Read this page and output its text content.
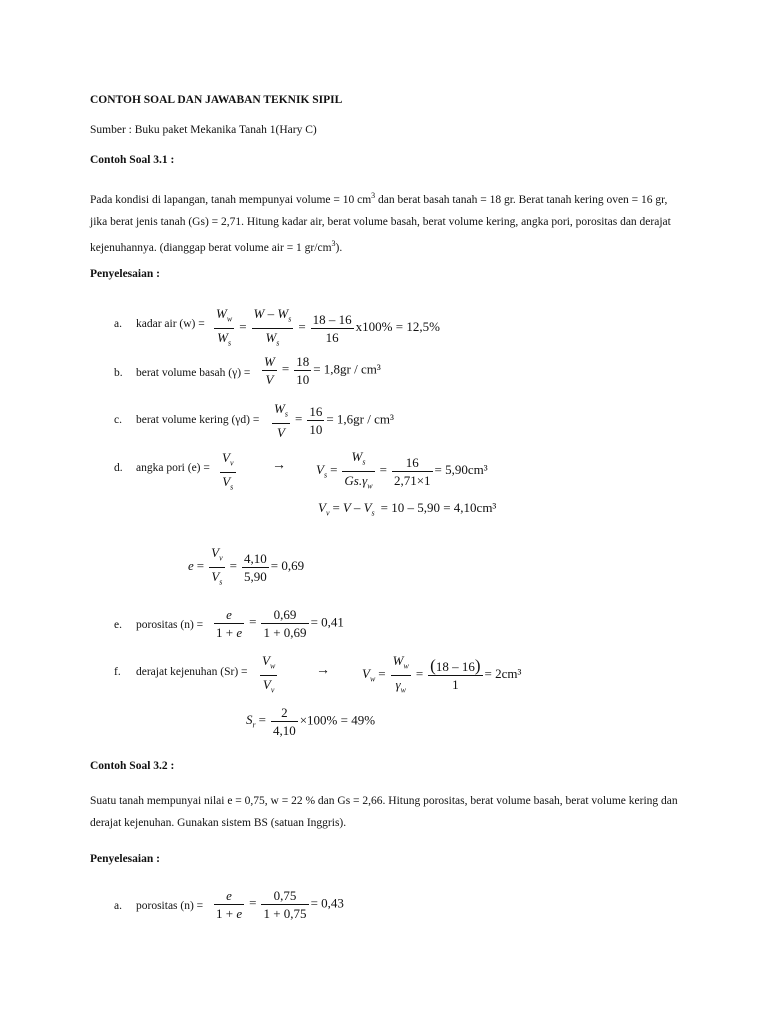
CONTOH SOAL DAN JAWABAN TEKNIK SIPIL
Sumber : Buku paket Mekanika Tanah 1(Hary C)
Contoh Soal 3.1 :
Pada kondisi di lapangan, tanah mempunyai volume = 10 $cm^3$ dan berat basah tanah = 18 gr. Berat tanah kering oven = 16 gr, jika berat jenis tanah (Gs) = 2,71. Hitung kadar air, berat volume basah, berat volume kering, angka pori, porositas dan derajat kejenuhannya. (dianggap berat volume air = 1 $gr/cm^3$).
Penyelesaian :
a. kadar air $(w) = \frac{W_w}{W_s} = \frac{W - W_s}{W_s} = \frac{18 - 16}{16} x100\% = 12,5\%$
b. berat volume basah $(\gamma) = \frac{W}{V} = \frac{18}{10} = 1,8gr / cm^3$
c. berat volume kering $(\gamma d) = \frac{W_s}{V} = \frac{16}{10} = 1,6gr / cm^3$
d. angka pori $(e) = \frac{V_v}{V_s}$	→ $V_s = \frac{W_s}{Gs.\gamma_w} = \frac{16}{2,71\times 1} = 5,90cm^3$
$V_v = V - V_s = 10 - 5,90 = 4,10cm^3$
$e = \frac{V_v}{V_s} = \frac{4,10}{5,90} = 0,69$
e. porositas $(n) = \frac{e}{1 + e} = \frac{0,69}{1 + 0,69} = 0,41$
f. derajat kejenuhan $(Sr) = \frac{V_w}{V_v}$	→ $V_w = \frac{W_w}{\gamma_w} = \frac{(18 - 16)}{1} = 2cm^3$
$S_r = \frac{2}{4,10} \times 100\% = 49\%$
Contoh Soal 3.2 :
Suatu tanah mempunyai nilai e = 0,75, w = 22 % dan Gs = 2,66. Hitung porositas, berat volume basah, berat volume kering dan derajat kejenuhan. Gunakan sistem BS (satuan Inggris).
Penyelesaian :
a. porositas $(n) = \frac{e}{1 + e} = \frac{0,75}{1 + 0,75} = 0,43$
